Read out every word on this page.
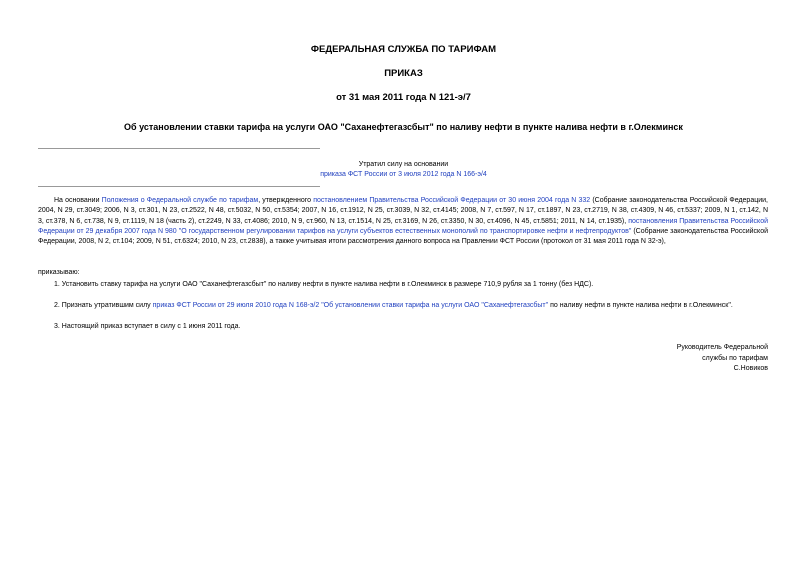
ФЕДЕРАЛЬНАЯ СЛУЖБА ПО ТАРИФАМ
ПРИКАЗ
от 31 мая 2011 года N 121-э/7
Об установлении ставки тарифа на услуги ОАО "Саханефтегазсбыт" по наливу нефти в пункте налива нефти в г.Олекминск
Утратил силу на основании
приказа ФСТ России от 3 июля 2012 года N 166-э/4
На основании Положения о Федеральной службе по тарифам, утвержденного постановлением Правительства Российской Федерации от 30 июня 2004 года N 332 (Собрание законодательства Российской Федерации, 2004, N 29, ст.3049; 2006, N 3, ст.301, N 23, ст.2522, N 48, ст.5032, N 50, ст.5354; 2007, N 16, ст.1912, N 25, ст.3039, N 32, ст.4145; 2008, N 7, ст.597, N 17, ст.1897, N 23, ст.2719, N 38, ст.4309, N 46, ст.5337; 2009, N 1, ст.142, N 3, ст.378, N 6, ст.738, N 9, ст.1119, N 18 (часть 2), ст.2249, N 33, ст.4086; 2010, N 9, ст.960, N 13, ст.1514, N 25, ст.3169, N 26, ст.3350, N 30, ст.4096, N 45, ст.5851; 2011, N 14, ст.1935), постановления Правительства Российской Федерации от 29 декабря 2007 года N 980 "О государственном регулировании тарифов на услуги субъектов естественных монополий по транспортировке нефти и нефтепродуктов" (Собрание законодательства Российской Федерации, 2008, N 2, ст.104; 2009, N 51, ст.6324; 2010, N 23, ст.2838), а также учитывая итоги рассмотрения данного вопроса на Правлении ФСТ России (протокол от 31 мая 2011 года N 32-э),
приказываю:
1. Установить ставку тарифа на услуги ОАО "Саханефтегазсбыт" по наливу нефти в пункте налива нефти в г.Олекминск в размере 710,9 рубля за 1 тонну (без НДС).
2. Признать утратившим силу приказ ФСТ России от 29 июля 2010 года N 168-э/2 "Об установлении ставки тарифа на услуги ОАО "Саханефтегазсбыт" по наливу нефти в пункте налива нефти в г.Олекминск".
3. Настоящий приказ вступает в силу с 1 июня 2011 года.
Руководитель Федеральной
службы по тарифам
С.Новиков
